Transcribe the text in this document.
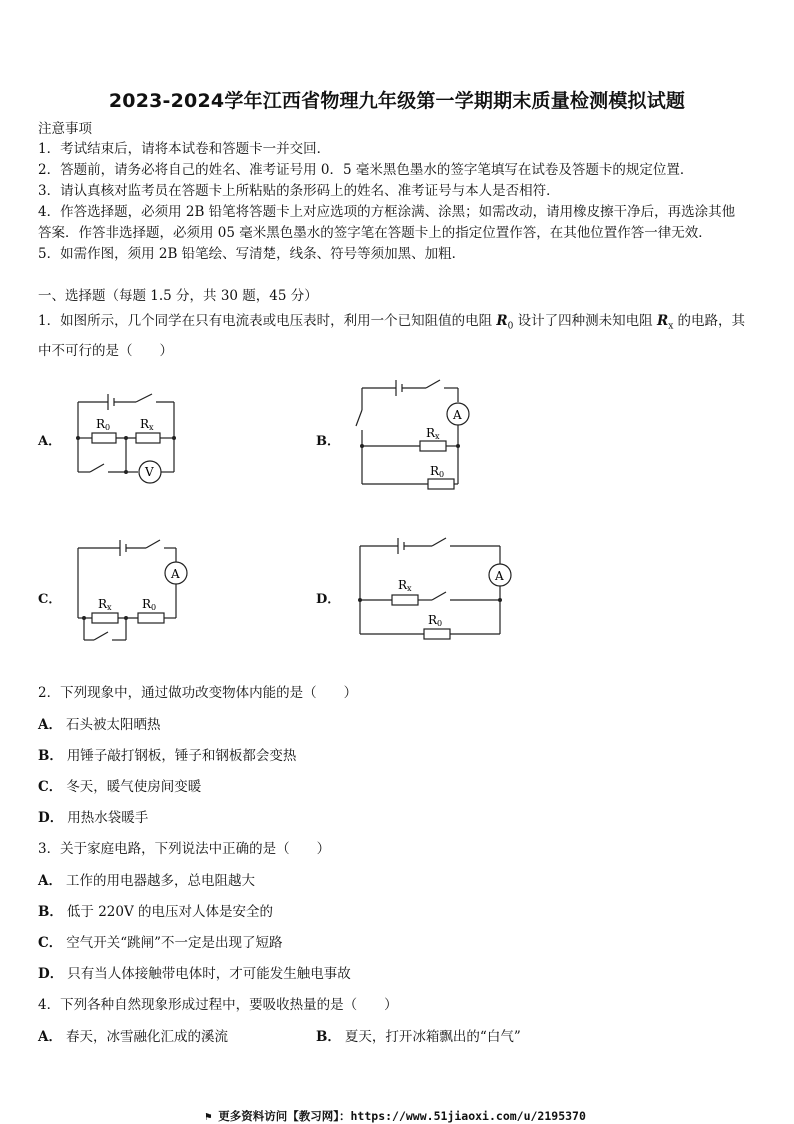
2023-2024学年江西省物理九年级第一学期期末质量检测模拟试题
注意事项
1．考试结束后，请将本试卷和答题卡一并交回．
2．答题前，请务必将自己的姓名、准考证号用 0．5 毫米黑色墨水的签字笔填写在试卷及答题卡的规定位置．
3．请认真核对监考员在答题卡上所粘贴的条形码上的姓名、准考证号与本人是否相符．
4．作答选择题，必须用 2B 铅笔将答题卡上对应选项的方框涂满、涂黑；如需改动，请用橡皮擦干净后，再选涂其他
答案．作答非选择题，必须用 05 毫米黑色墨水的签字笔在答题卡上的指定位置作答，在其他位置作答一律无效．
5．如需作图，须用 2B 铅笔绘、写清楚，线条、符号等须加黑、加粗．
一、选择题（每题 1.5 分，共 30 题，45 分）
1．如图所示，几个同学在只有电流表或电压表时，利用一个已知阻值的电阻 $R_0$ 设计了四种测未知电阻 $R_x$ 的电路，其
中不可行的是（　　）
A．
R0 Rx
V
B．
Rx
R0
A
C．	Rx	R0
A
D．
Rx
R0
A
2．下列现象中，通过做功改变物体内能的是（　　）
A． 石头被太阳晒热
B． 用锤子敲打钢板，锤子和钢板都会变热
C． 冬天，暖气使房间变暖
D． 用热水袋暖手
3．关于家庭电路，下列说法中正确的是（　　）
A． 工作的用电器越多，总电阻越大
B． 低于 220V 的电压对人体是安全的
C． 空气开关“跳闸”不一定是出现了短路
D． 只有当人体接触带电体时，才可能发生触电事故
4．下列各种自然现象形成过程中，要吸收热量的是（　　）
A． 春天，冰雪融化汇成的溪流	B． 夏天，打开冰箱飘出的“白气”
⚑ 更多资料访问【教习网】：https://www.51jiaoxi.com/u/2195370
